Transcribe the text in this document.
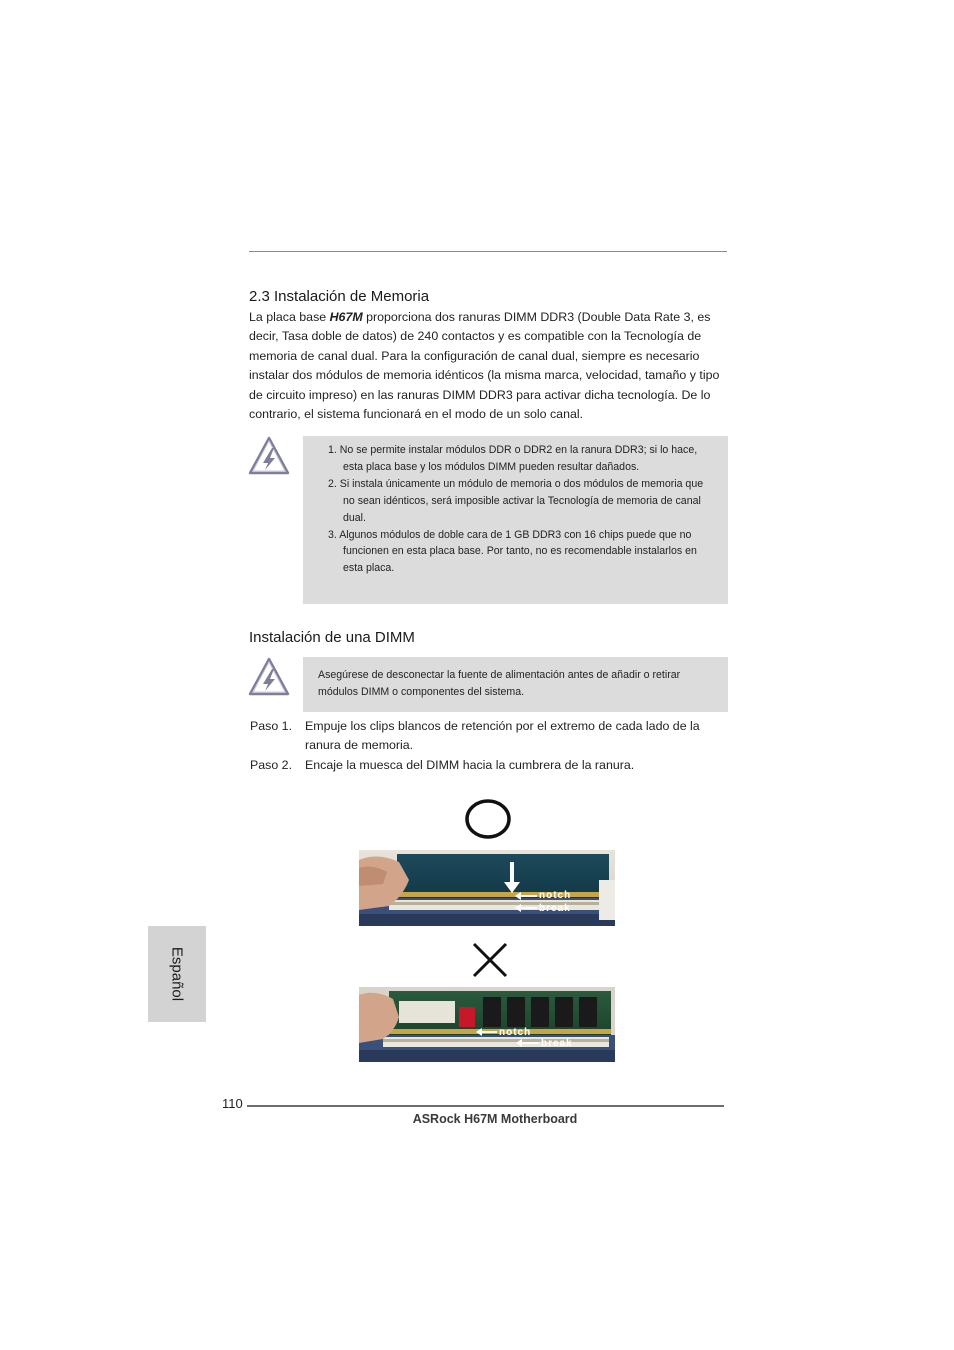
2.3 Instalación de Memoria
La placa base H67M proporciona dos ranuras DIMM DDR3 (Double Data Rate 3, es decir, Tasa doble de datos) de 240 contactos y es compatible con la Tecnología de memoria de canal dual. Para la configuración de canal dual, siempre es necesario instalar dos módulos de memoria idénticos (la misma marca, velocidad, tamaño y tipo de circuito impreso) en las ranuras DIMM DDR3 para activar dicha tecnología. De lo contrario, el sistema funcionará en el modo de un solo canal.
1. No se permite instalar módulos DDR o DDR2 en la ranura DDR3; si lo hace, esta placa base y los módulos DIMM pueden resultar dañados.
2. Si instala únicamente un módulo de memoria o dos módulos de memoria que no sean idénticos, será imposible activar la Tecnología de memoria de canal dual.
3. Algunos módulos de doble cara de 1 GB DDR3 con 16 chips puede que no funcionen en esta placa base. Por tanto, no es recomendable instalarlos en esta placa.
Instalación de una DIMM
Asegúrese de desconectar la fuente de alimentación antes de añadir o retirar módulos DIMM o componentes del sistema.
Paso 1.	Empuje los clips blancos de retención por el extremo de cada lado de la ranura de memoria.
Paso 2.	Encaje la muesca del DIMM hacia la cumbrera de la ranura.
notch
break
notch
break
Español
110
ASRock H67M Motherboard
